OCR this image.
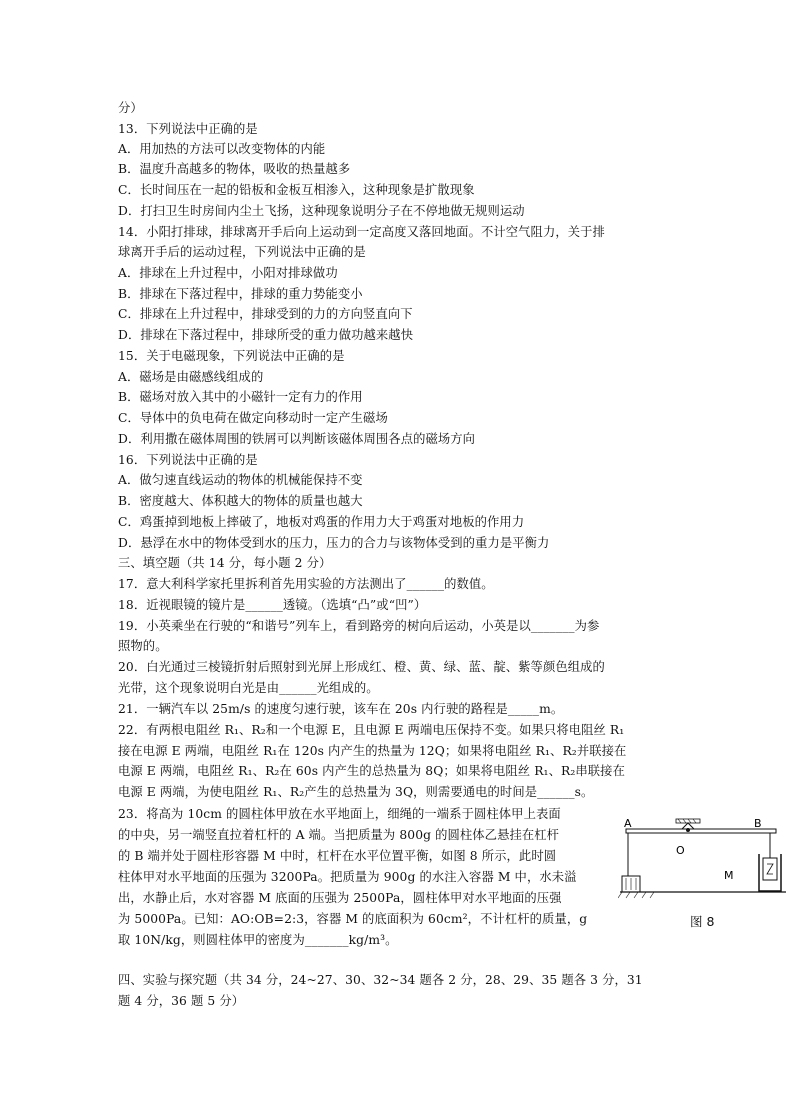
分）
13．下列说法中正确的是
A．用加热的方法可以改变物体的内能
B．温度升高越多的物体，吸收的热量越多
C．长时间压在一起的铅板和金板互相渗入，这种现象是扩散现象
D．打扫卫生时房间内尘土飞扬，这种现象说明分子在不停地做无规则运动
14．小阳打排球，排球离开手后向上运动到一定高度又落回地面。不计空气阻力，关于排
球离开手后的运动过程，下列说法中正确的是
A．排球在上升过程中，小阳对排球做功
B．排球在下落过程中，排球的重力势能变小
C．排球在上升过程中，排球受到的力的方向竖直向下
D．排球在下落过程中，排球所受的重力做功越来越快
15．关于电磁现象，下列说法中正确的是
A．磁场是由磁感线组成的
B．磁场对放入其中的小磁针一定有力的作用
C．导体中的负电荷在做定向移动时一定产生磁场
D．利用撒在磁体周围的铁屑可以判断该磁体周围各点的磁场方向
16．下列说法中正确的是
A．做匀速直线运动的物体的机械能保持不变
B．密度越大、体积越大的物体的质量也越大
C．鸡蛋掉到地板上摔破了，地板对鸡蛋的作用力大于鸡蛋对地板的作用力
D．悬浮在水中的物体受到水的压力，压力的合力与该物体受到的重力是平衡力
三、填空题（共 14 分，每小题 2 分）
17．意大利科学家托里拆利首先用实验的方法测出了______的数值。
18．近视眼镜的镜片是______透镜。（选填“凸”或“凹”）
19．小英乘坐在行驶的“和谐号”列车上，看到路旁的树向后运动，小英是以_______为参
照物的。
20．白光通过三棱镜折射后照射到光屏上形成红、橙、黄、绿、蓝、靛、紫等颜色组成的
光带，这个现象说明白光是由______光组成的。
21．一辆汽车以 25m/s 的速度匀速行驶，该车在 20s 内行驶的路程是_____m。
22．有两根电阻丝 R₁、R₂和一个电源 E，且电源 E 两端电压保持不变。如果只将电阻丝 R₁
接在电源 E 两端，电阻丝 R₁在 120s 内产生的热量为 12Q；如果将电阻丝 R₁、R₂并联接在
电源 E 两端，电阻丝 R₁、R₂在 60s 内产生的总热量为 8Q；如果将电阻丝 R₁、R₂串联接在
电源 E 两端，为使电阻丝 R₁、R₂产生的总热量为 3Q，则需要通电的时间是______s。
23．将高为 10cm 的圆柱体甲放在水平地面上，细绳的一端系于圆柱体甲上表面
的中央，另一端竖直拉着杠杆的 A 端。当把质量为 800g 的圆柱体乙悬挂在杠杆
的 B 端并处于圆柱形容器 M 中时，杠杆在水平位置平衡，如图 8 所示，此时圆
柱体甲对水平地面的压强为 3200Pa。把质量为 900g 的水注入容器 M 中，水未溢
出，水静止后，水对容器 M 底面的压强为 2500Pa，圆柱体甲对水平地面的压强
为 5000Pa。已知：AO:OB=2:3，容器 M 的底面积为 60cm²，不计杠杆的质量，g
取 10N/kg，则圆柱体甲的密度为_______kg/m³。
四、实验与探究题（共 34 分，24~27、30、32~34 题各 2 分，28、29、35 题各 3 分，31
题 4 分，36 题 5 分）
A	B
O
M
图 8
